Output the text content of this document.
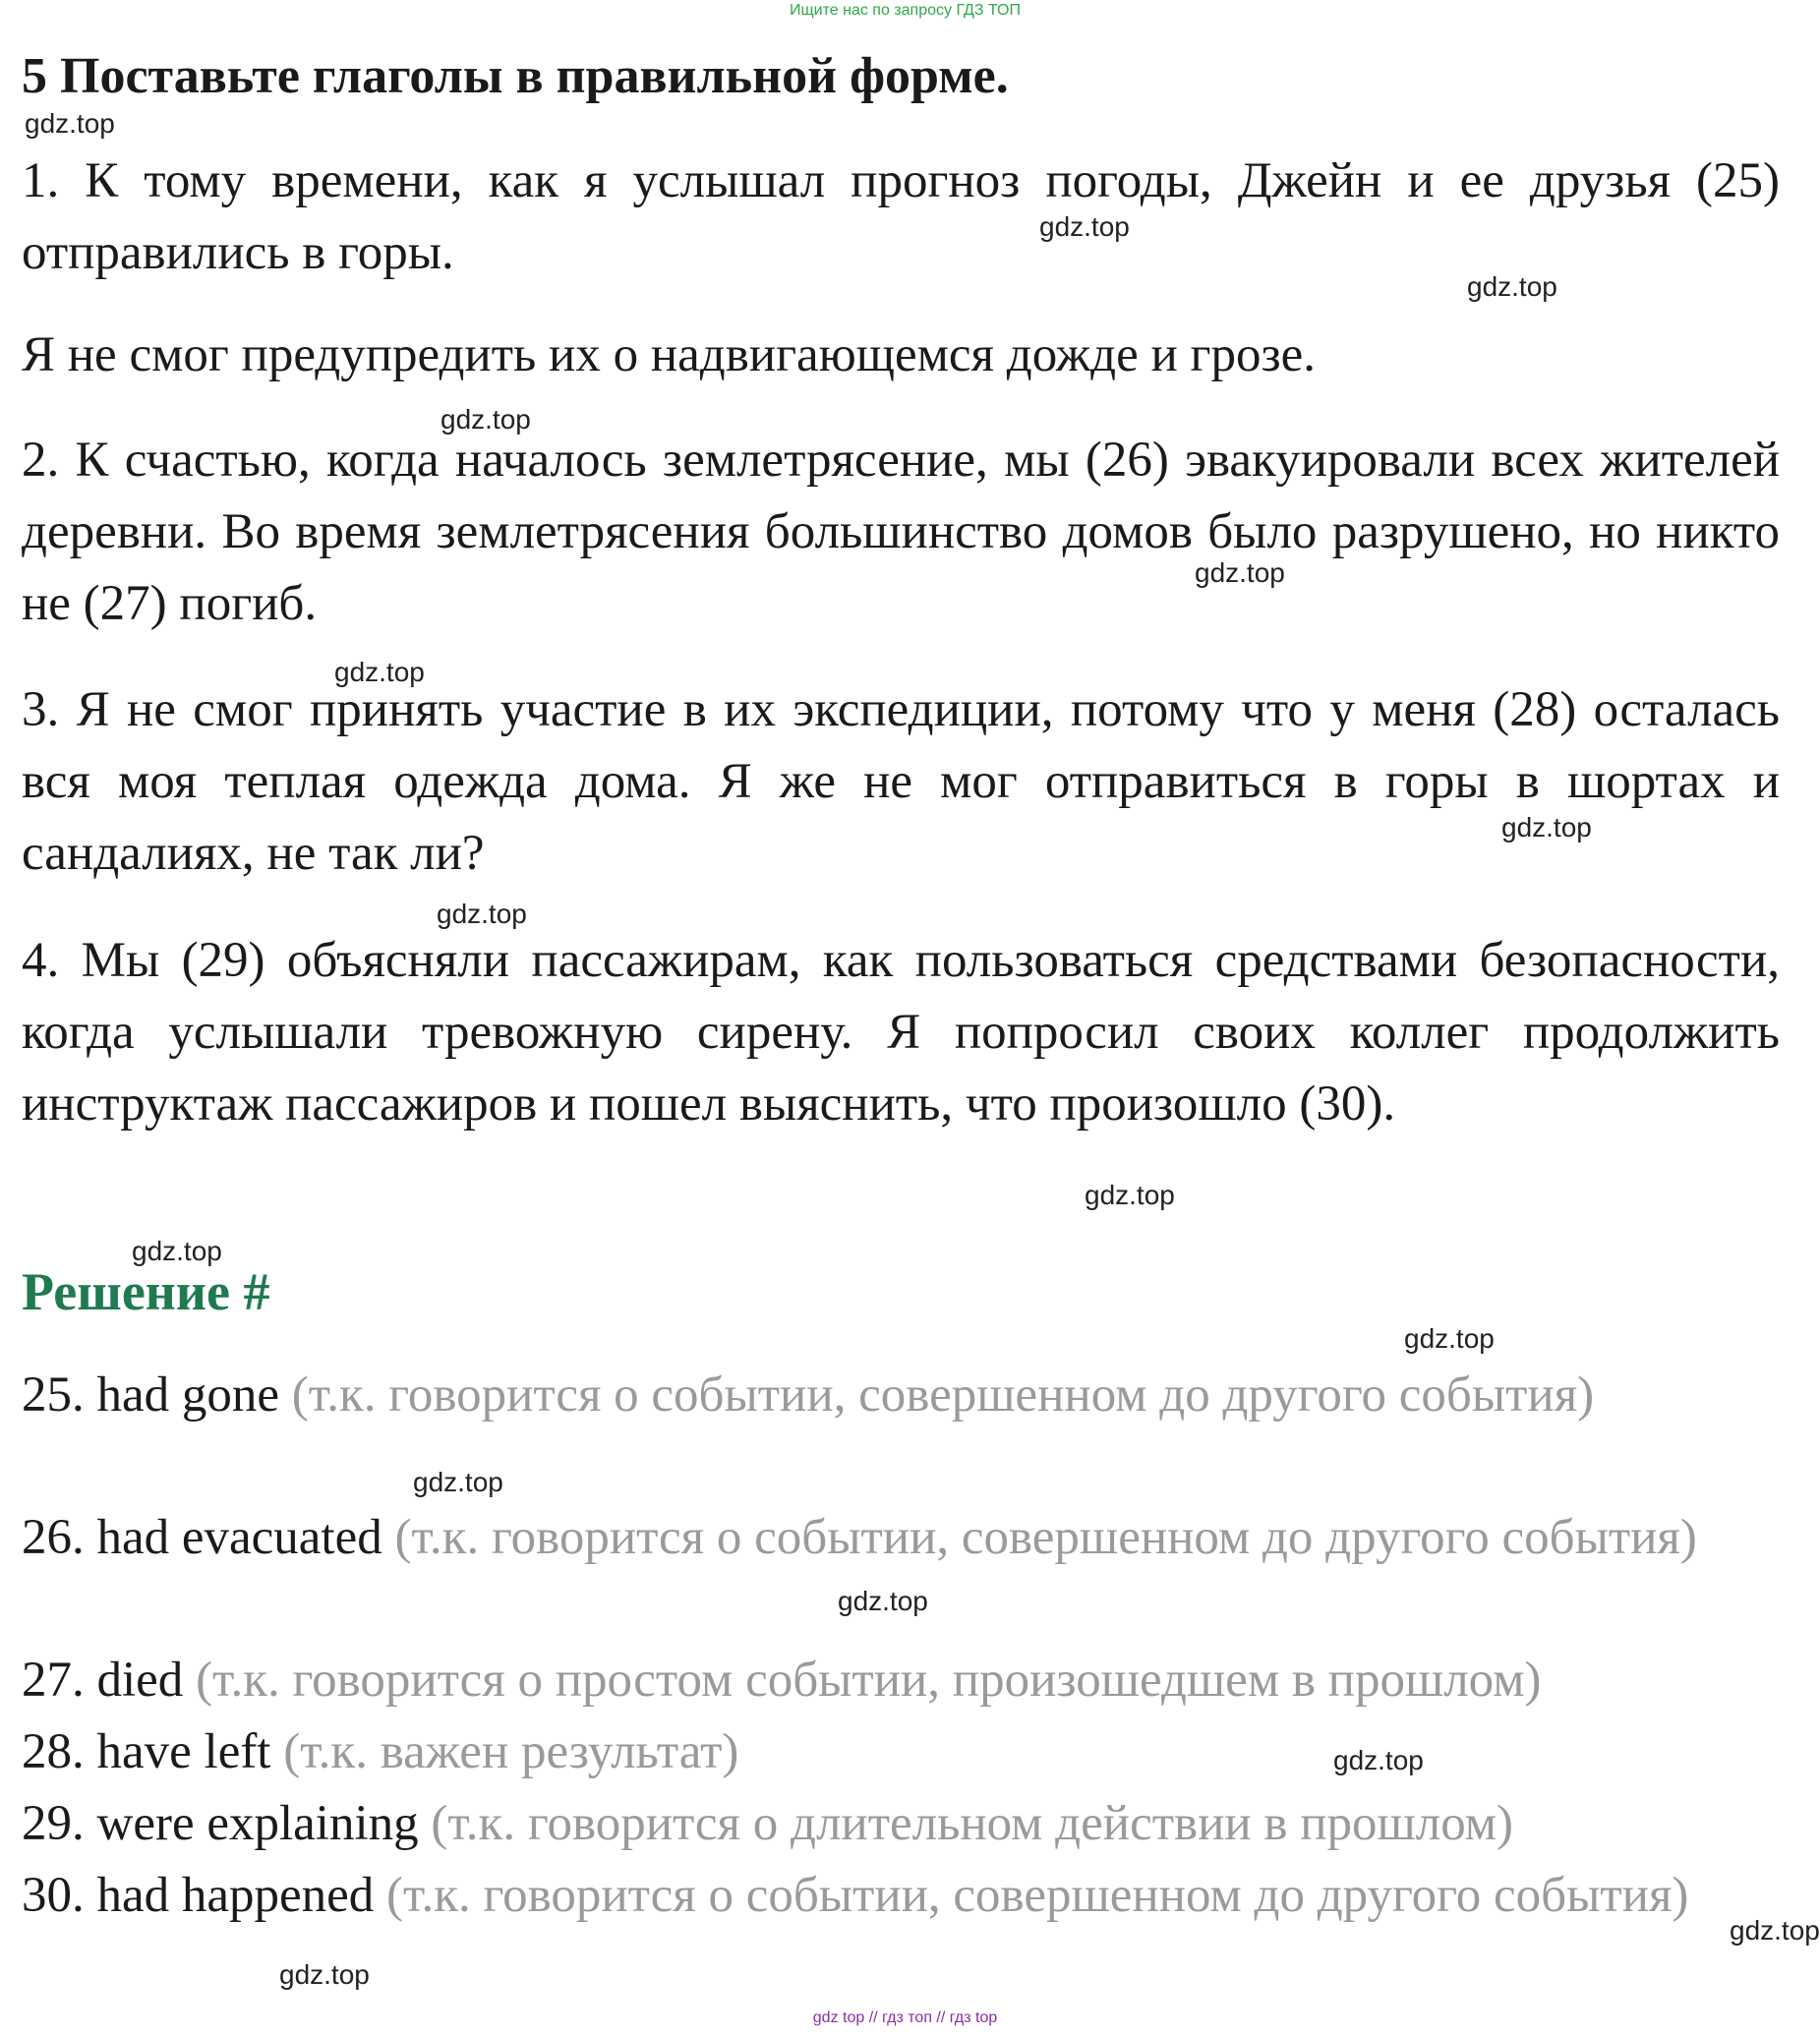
Ищите нас по запросу ГДЗ ТОП
5 Поставьте глаголы в правильной форме.

1. К тому времени, как я услышал прогноз погоды, Джейн и ее друзья (25) отправились в горы.

Я не смог предупредить их о надвигающемся дожде и грозе.

2. К счастью, когда началось землетрясение, мы (26) эвакуировали всех жителей деревни. Во время землетрясения большинство домов было разрушено, но никто не (27) погиб.

3. Я не смог принять участие в их экспедиции, потому что у меня (28) осталась вся моя теплая одежда дома. Я же не мог отправиться в горы в шортах и сандалиях, не так ли?

4. Мы (29) объясняли пассажирам, как пользоваться средствами безопасности, когда услышали тревожную сирену. Я попросил своих коллег продолжить инструктаж пассажиров и пошел выяснить, что произошло (30).

Решение #

25. had gone (т.к. говорится о событии, совершенном до другого события)

26. had evacuated (т.к. говорится о событии, совершенном до другого события)

27. died (т.к. говорится о простом событии, произошедшем в прошлом)

28. have left (т.к. важен результат)

29. were explaining (т.к. говорится о длительном действии в прошлом)

30. had happened (т.к. говорится о событии, совершенном до другого события)

gdz.top
gdz.top
gdz.top
gdz.top
gdz.top
gdz.top
gdz.top
gdz.top
gdz.top
gdz.top
gdz.top
gdz.top
gdz.top
gdz.top
gdz.top
gdz.top
gdz top // гдз топ // гдз top
